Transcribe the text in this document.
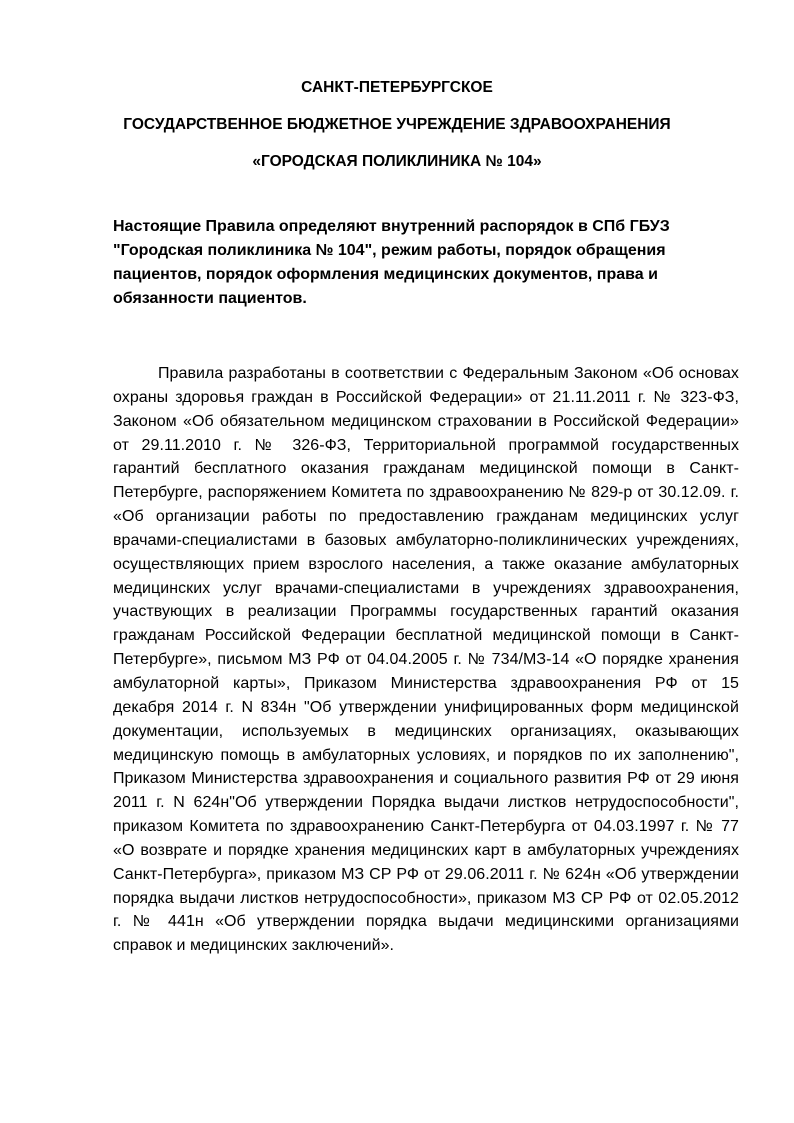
САНКТ-ПЕТЕРБУРГСКОЕ
ГОСУДАРСТВЕННОЕ БЮДЖЕТНОЕ УЧРЕЖДЕНИЕ ЗДРАВООХРАНЕНИЯ
«ГОРОДСКАЯ ПОЛИКЛИНИКА № 104»

Настоящие Правила определяют внутренний распорядок в СПб ГБУЗ "Городская поликлиника № 104", режим работы, порядок обращения пациентов, порядок оформления медицинских документов, права и обязанности пациентов.

Правила разработаны в соответствии с Федеральным Законом «Об основах охраны здоровья граждан в Российской Федерации» от 21.11.2011 г. № 323-ФЗ, Законом «Об обязательном медицинском страховании в Российской Федерации» от 29.11.2010 г. № 326-ФЗ, Территориальной программой государственных гарантий бесплатного оказания гражданам медицинской помощи в Санкт-Петербурге, распоряжением Комитета по здравоохранению № 829-р от 30.12.09. г. «Об организации работы по предоставлению гражданам медицинских услуг врачами-специалистами в базовых амбулаторно-поликлинических учреждениях, осуществляющих прием взрослого населения, а также оказание амбулаторных медицинских услуг врачами-специалистами в учреждениях здравоохранения, участвующих в реализации Программы государственных гарантий оказания гражданам Российской Федерации бесплатной медицинской помощи в Санкт-Петербурге», письмом МЗ РФ от 04.04.2005 г. № 734/МЗ-14 «О порядке хранения амбулаторной карты», Приказом Министерства здравоохранения РФ от 15 декабря 2014 г. N 834н "Об утверждении унифицированных форм медицинской документации, используемых в медицинских организациях, оказывающих медицинскую помощь в амбулаторных условиях, и порядков по их заполнению", Приказом Министерства здравоохранения и социального развития РФ от 29 июня 2011 г. N 624н"Об утверждении Порядка выдачи листков нетрудоспособности", приказом Комитета по здравоохранению Санкт-Петербурга от 04.03.1997 г. № 77 «О возврате и порядке хранения медицинских карт в амбулаторных учреждениях Санкт-Петербурга», приказом МЗ СР РФ от 29.06.2011 г. № 624н «Об утверждении порядка выдачи листков нетрудоспособности», приказом МЗ СР РФ от 02.05.2012 г. № 441н «Об утверждении порядка выдачи медицинскими организациями справок и медицинских заключений».
